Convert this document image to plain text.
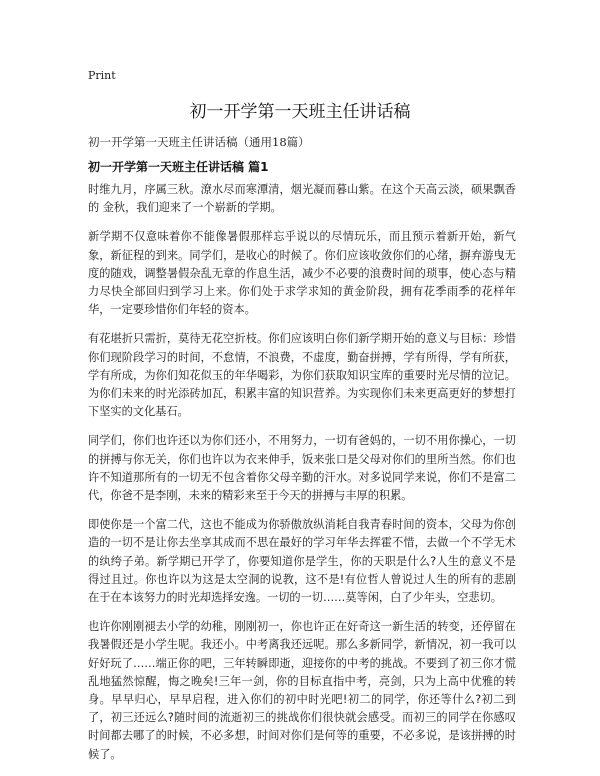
Print
初一开学第一天班主任讲话稿
初一开学第一天班主任讲话稿（通用18篇）
初一开学第一天班主任讲话稿 篇1

时维九月，序属三秋。潦水尽而寒潭清，烟光凝而暮山紫。在这个天高云淡，硕果飘香的 金秋，我们迎来了一个崭新的学期。

新学期不仅意味着你不能像暑假那样忘乎说以的尽情玩乐，而且预示着新开始，新气象，新征程的到来。同学们，是收心的时候了。你们应该收敛你们的心绪，摒弃游曳无度的随戏，调整暑假杂乱无章的作息生活，减少不必要的浪费时间的琐事，使心态与精力尽快全部回归到学习上来。你们处于求学求知的黄金阶段，拥有花季雨季的花样年华，一定要珍惜你们年轻的资本。

有花堪折只需折，莫待无花空折枝。你们应该明白你们新学期开始的意义与目标：珍惜你们现阶段学习的时间，不怠情，不浪费，不虚度，勤奋拼搏，学有所得，学有所获，学有所成，为你们知花似玉的年华喝彩，为你们获取知识宝库的重要时光尽情的泣记。为你们未来的时光添砖加瓦，积累丰富的知识营养。为实现你们未来更高更好的梦想打下坚实的文化基石。

同学们，你们也许还以为你们还小，不用努力，一切有爸妈的，一切不用你操心，一切的拼搏与你无关，你们也许以为衣来伸手，饭来张口是父母对你们的里所当然。你们也许不知道那所有的一切无不包含着你父母辛勤的汗水。对多说同学来说，你们不是富二代，你爸不是李刚，未来的精彩来至于今天的拼搏与丰厚的积累。

即使你是一个富二代，这也不能成为你骄傲放纵消耗自我青春时间的资本，父母为你创造的一切不是让你去坐享其成而不思在最好的学习年华去挥霍不惜，去做一个不学无术的纨绔子弟。新学期已开学了，你要知道你是学生，你的天职是什么?人生的意义不是得过且过。你也许以为这是太空洞的说教，这不是!有位哲人曾说过人生的所有的悲剧在于在本该努力的时光却选择安逸。一切的一切……莫等闲，白了少年头，空悲切。

也许你刚刚褪去小学的幼稚，刚刚初一，你也许正在好奇这一新生活的转变，还停留在我暑假还是小学生呢。我还小。中考离我还远呢。那么多新同学，新情况，初一我可以好好玩了……端正你的吧，三年转瞬即逝，迎接你的中考的挑战。不要到了初三你才慌乱地猛然惊醒，悔之晚矣!三年一剑，你的目标直指中考，亮剑，只为上高中优雅的转身。早早归心，早早启程，进入你们的初中时光吧!初二的同学，你还等什么?初二到了，初三还远么?随时间的流逝初三的挑战你们很快就会感受。而初三的同学在你感叹时间都去哪了的时候，不必多想，时间对你们是何等的重要，不必多说，是该拼搏的时候了。
